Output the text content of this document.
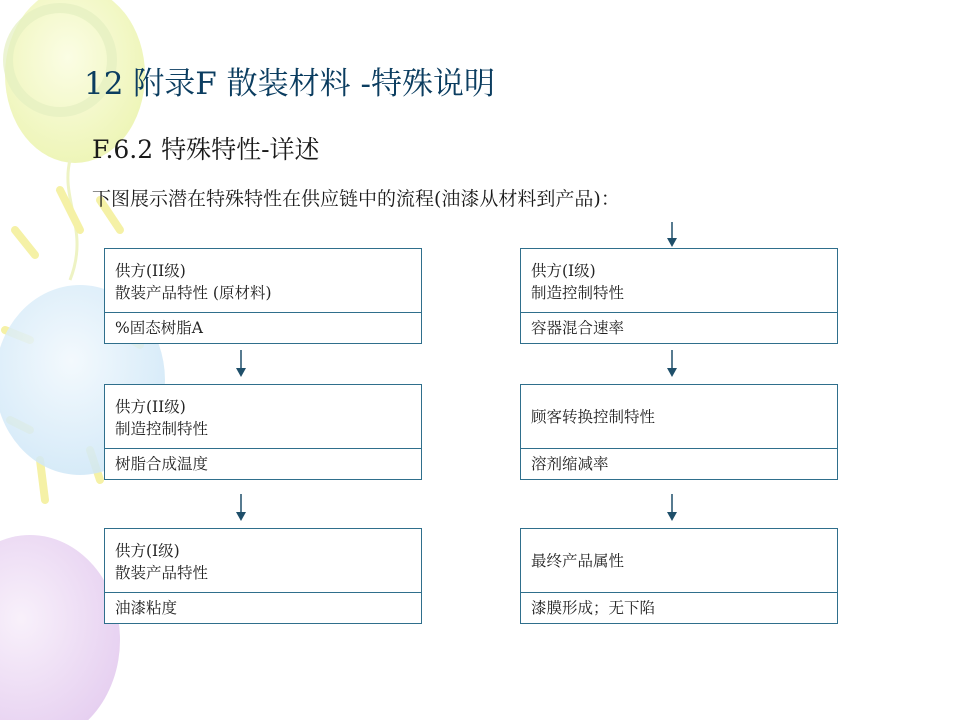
12 附录F 散装材料 -特殊说明
F.6.2 特殊特性-详述
下图展示潜在特殊特性在供应链中的流程(油漆从材料到产品)：
供方(II级)
散装产品特性 (原材料)
%固态树脂A
供方(II级)
制造控制特性
树脂合成温度
供方(I级)
散装产品特性
油漆粘度
供方(I级)
制造控制特性
容器混合速率
顾客转换控制特性
溶剂缩减率
最终产品属性
漆膜形成；无下陷
